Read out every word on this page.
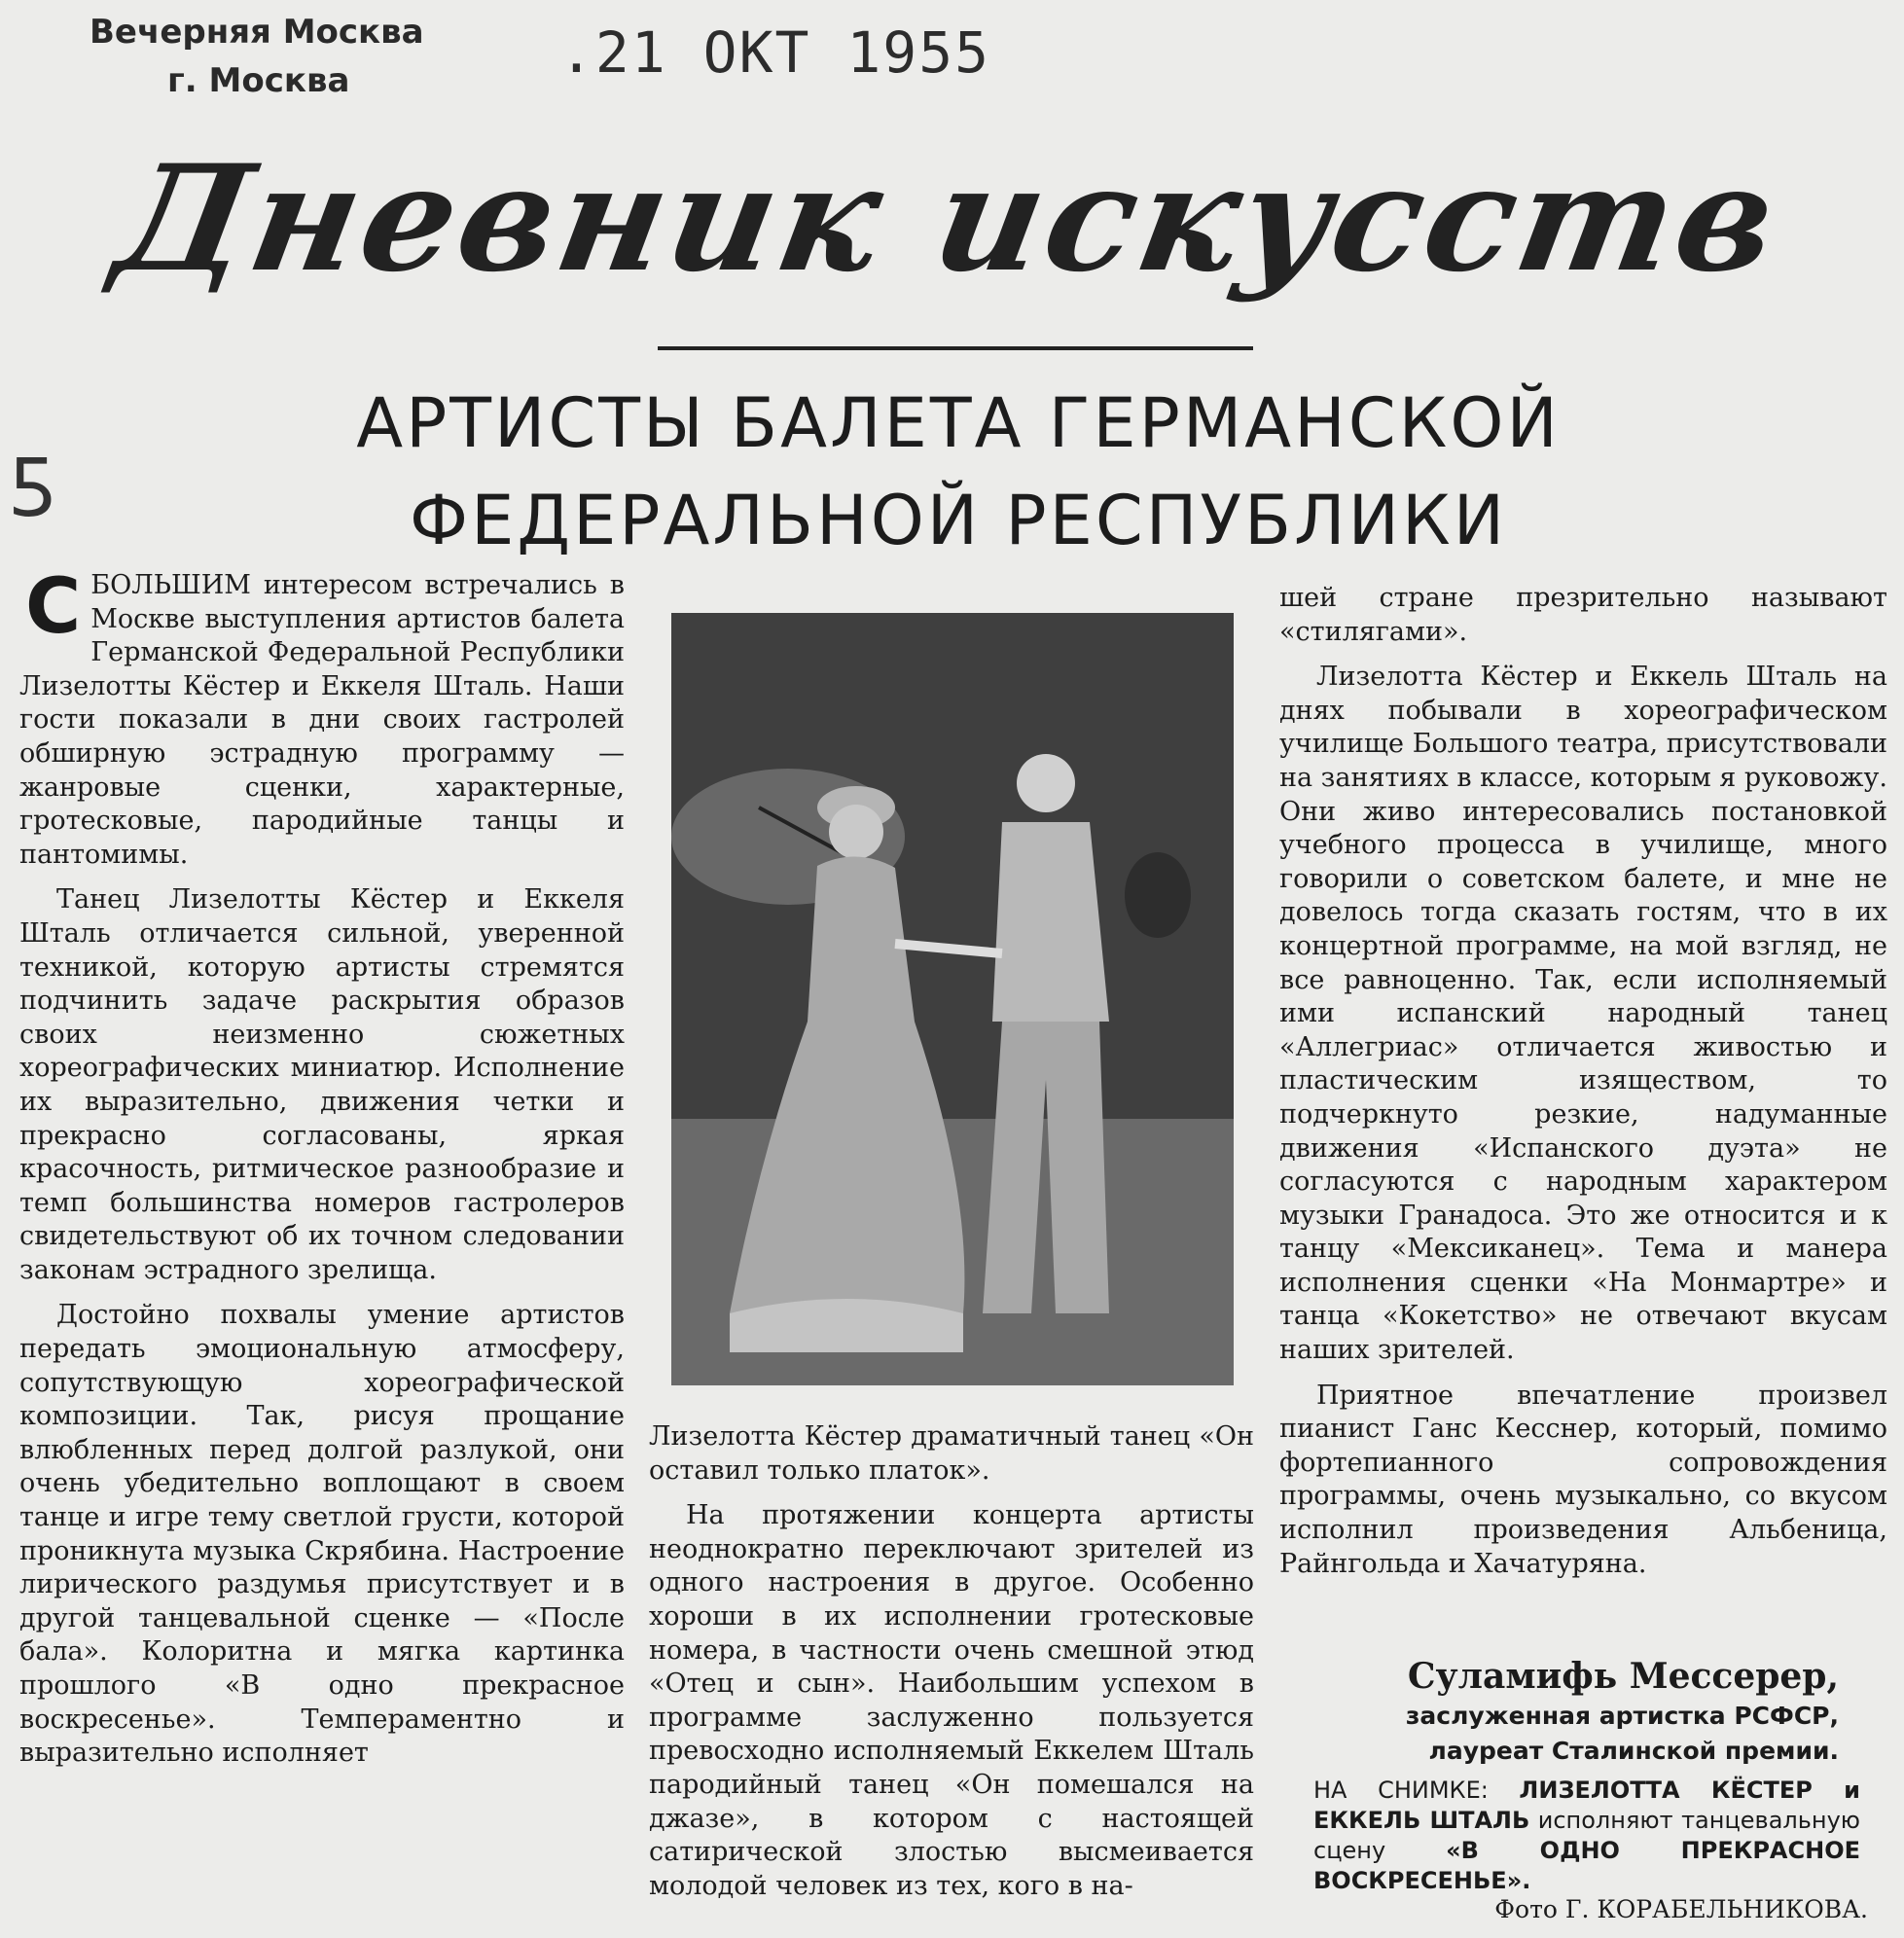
Вечерняя Москва
г. Москва	.21 ОКТ 1955
Дневник искусств
АРТИСТЫ БАЛЕТА ГЕРМАНСКОЙ ФЕДЕРАЛЬНОЙ РЕСПУБЛИКИ
ƽ

СБОЛЬШИМ интересом встречались в Москве выступления артистов балета Германской Федеральной Республики Лизелотты Кёстер и Еккеля Шталь. Наши гости показали в дни своих гастролей обширную эстрадную программу — жанровые сценки, характерные, гротесковые, пародийные танцы и пантомимы.

Танец Лизелотты Кёстер и Еккеля Шталь отличается сильной, уверенной техникой, которую артисты стремятся подчинить задаче раскрытия образов своих неизменно сюжетных хореографических миниатюр. Исполнение их выразительно, движения четки и прекрасно согласованы, яркая красочность, ритмическое разнообразие и темп большинства номеров гастролеров свидетельствуют об их точном следовании законам эстрадного зрелища.

Достойно похвалы умение артистов передать эмоциональную атмосферу, сопутствующую хореографической композиции. Так, рисуя прощание влюбленных перед долгой разлукой, они очень убедительно воплощают в своем танце и игре тему светлой грусти, которой проникнута музыка Скрябина. Настроение лирического раздумья присутствует и в другой танцевальной сценке — «После бала». Колоритна и мягка картинка прошлого «В одно прекрасное воскресенье». Темпераментно и выразительно исполняет

Лизелотта Кёстер драматичный танец «Он оставил только платок».

На протяжении концерта артисты неоднократно переключают зрителей из одного настроения в другое. Особенно хороши в их исполнении гротесковые номера, в частности очень смешной этюд «Отец и сын». Наибольшим успехом в программе заслуженно пользуется превосходно исполняемый Еккелем Шталь пародийный танец «Он помешался на джазе», в котором с настоящей сатирической злостью высмеивается молодой человек из тех, кого в на-

шей стране презрительно называют «стилягами».

Лизелотта Кёстер и Еккель Шталь на днях побывали в хореографическом училище Большого театра, присутствовали на занятиях в классе, которым я руковожу. Они живо интересовались постановкой учебного процесса в училище, много говорили о советском балете, и мне не довелось тогда сказать гостям, что в их концертной программе, на мой взгляд, не все равноценно. Так, если исполняемый ими испанский народный танец «Аллегриас» отличается живостью и пластическим изяществом, то подчеркнуто резкие, надуманные движения «Испанского дуэта» не согласуются с народным характером музыки Гранадоса. Это же относится и к танцу «Мексиканец». Тема и манера исполнения сценки «На Монмартре» и танца «Кокетство» не отвечают вкусам наших зрителей.

Приятное впечатление произвел пианист Ганс Кесснер, который, помимо фортепианного сопровождения программы, очень музыкально, со вкусом исполнил произведения Альбеница, Райнгольда и Хачатуряна.

Суламифь Мессерер,
заслуженная артистка РСФСР,
лауреат Сталинской премии.
НА СНИМКЕ: ЛИЗЕЛОТТА КЁСТЕР и ЕККЕЛЬ ШТАЛЬ исполняют танцевальную сцену «В ОДНО ПРЕКРАСНОЕ ВОСКРЕСЕНЬЕ».
Фото Г. КОРАБЕЛЬНИКОВА.
